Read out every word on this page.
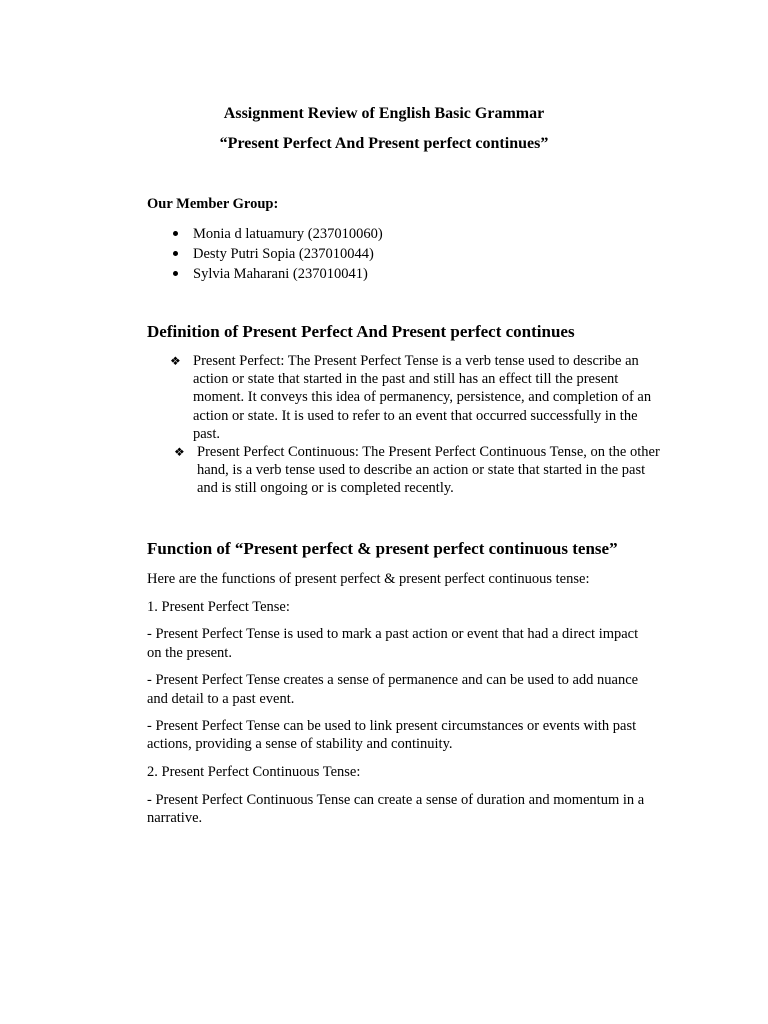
Assignment Review of English Basic Grammar
“Present Perfect And Present perfect continues”

Our Member Group:

Monia d latuamury (237010060)
Desty Putri Sopia (237010044)
Sylvia Maharani (237010041)
Definition of Present Perfect And Present perfect continues
❖ Present Perfect: The Present Perfect Tense is a verb tense used to describe an action or state that started in the past and still has an effect till the present moment. It conveys this idea of permanency, persistence, and completion of an action or state. It is used to refer to an event that occurred successfully in the past.
❖ Present Perfect Continuous: The Present Perfect Continuous Tense, on the other hand, is a verb tense used to describe an action or state that started in the past and is still ongoing or is completed recently.
Function of “Present perfect & present perfect continuous tense”

Here are the functions of present perfect & present perfect continuous tense:

1. Present Perfect Tense:

- Present Perfect Tense is used to mark a past action or event that had a direct impact on the present.

- Present Perfect Tense creates a sense of permanence and can be used to add nuance and detail to a past event.

- Present Perfect Tense can be used to link present circumstances or events with past actions, providing a sense of stability and continuity.

2. Present Perfect Continuous Tense:

- Present Perfect Continuous Tense can create a sense of duration and momentum in a narrative.
